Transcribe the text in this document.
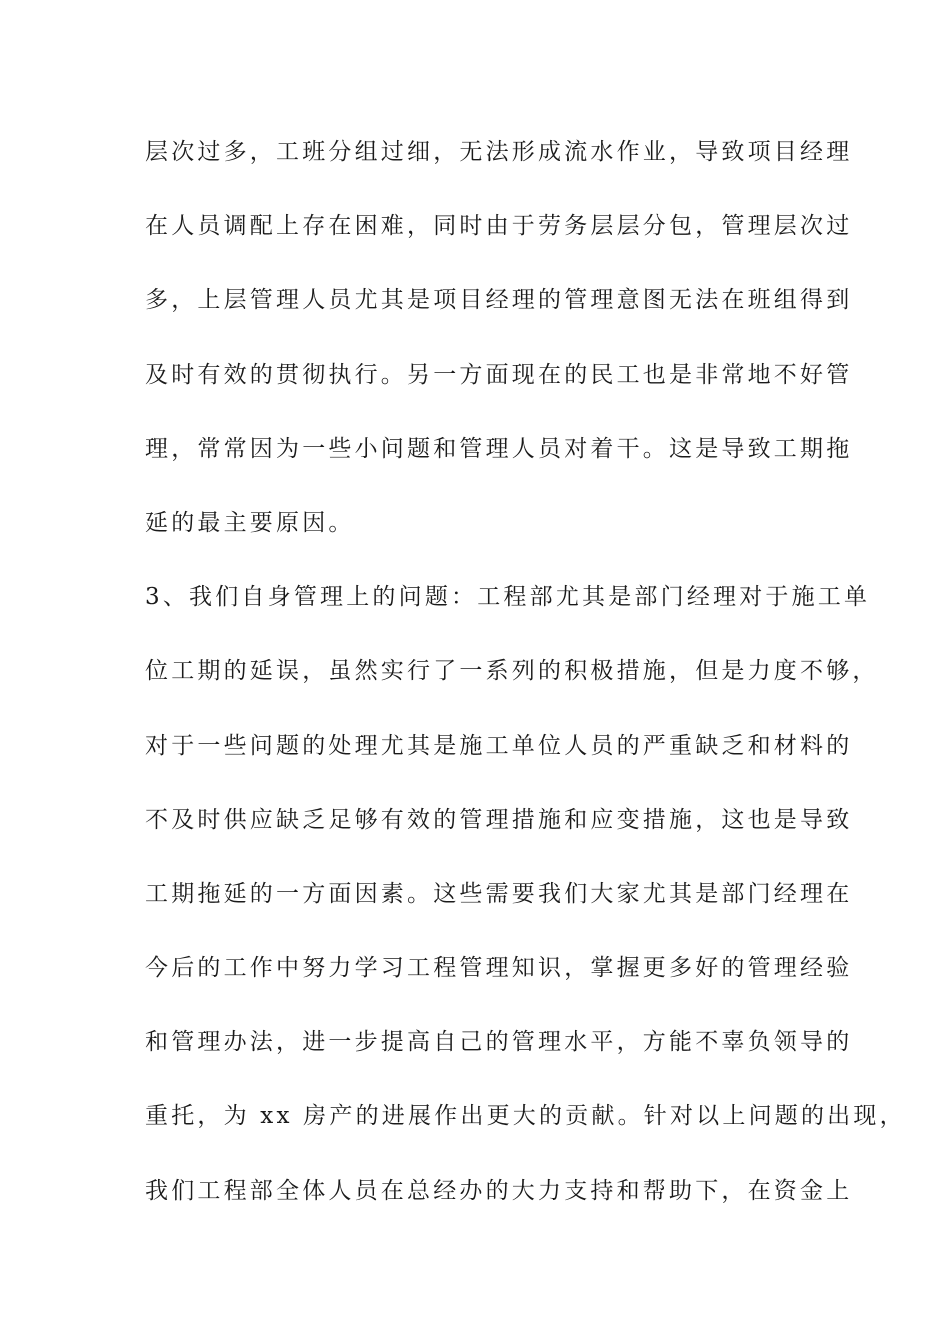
层次过多，工班分组过细，无法形成流水作业，导致项目经理
在人员调配上存在困难，同时由于劳务层层分包，管理层次过
多，上层管理人员尤其是项目经理的管理意图无法在班组得到
及时有效的贯彻执行。另一方面现在的民工也是非常地不好管
理，常常因为一些小问题和管理人员对着干。这是导致工期拖
延的最主要原因。
3、我们自身管理上的问题：工程部尤其是部门经理对于施工单
位工期的延误，虽然实行了一系列的积极措施，但是力度不够，
对于一些问题的处理尤其是施工单位人员的严重缺乏和材料的
不及时供应缺乏足够有效的管理措施和应变措施，这也是导致
工期拖延的一方面因素。这些需要我们大家尤其是部门经理在
今后的工作中努力学习工程管理知识，掌握更多好的管理经验
和管理办法，进一步提高自己的管理水平，方能不辜负领导的
重托，为 xx 房产的进展作出更大的贡献。针对以上问题的出现，
我们工程部全体人员在总经办的大力支持和帮助下，在资金上
